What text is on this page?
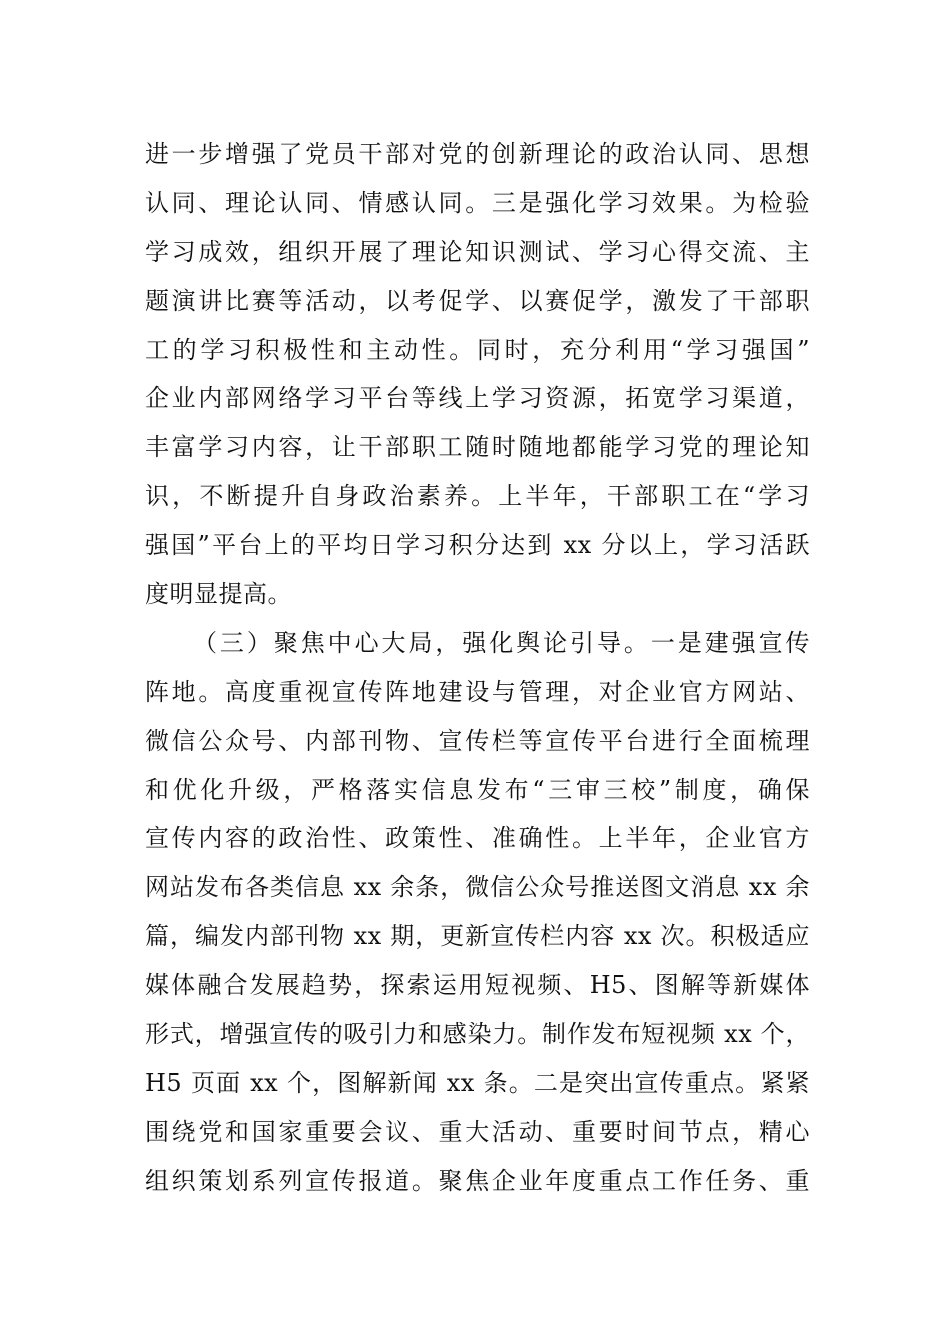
进一步增强了党员干部对党的创新理论的政治认同、思想
认同、理论认同、情感认同。三是强化学习效果。为检验
学习成效，组织开展了理论知识测试、学习心得交流、主
题演讲比赛等活动，以考促学、以赛促学，激发了干部职
工的学习积极性和主动性。同时，充分利用“学习强国”
企业内部网络学习平台等线上学习资源，拓宽学习渠道，
丰富学习内容，让干部职工随时随地都能学习党的理论知
识，不断提升自身政治素养。上半年，干部职工在“学习
强国”平台上的平均日学习积分达到 xx 分以上，学习活跃
度明显提高。
（三）聚焦中心大局，强化舆论引导。一是建强宣传
阵地。高度重视宣传阵地建设与管理，对企业官方网站、
微信公众号、内部刊物、宣传栏等宣传平台进行全面梳理
和优化升级，严格落实信息发布“三审三校”制度，确保
宣传内容的政治性、政策性、准确性。上半年，企业官方
网站发布各类信息 xx 余条，微信公众号推送图文消息 xx 余
篇，编发内部刊物 xx 期，更新宣传栏内容 xx 次。积极适应
媒体融合发展趋势，探索运用短视频、H5、图解等新媒体
形式，增强宣传的吸引力和感染力。制作发布短视频 xx 个，
H5 页面 xx 个，图解新闻 xx 条。二是突出宣传重点。紧紧
围绕党和国家重要会议、重大活动、重要时间节点，精心
组织策划系列宣传报道。聚焦企业年度重点工作任务、重
